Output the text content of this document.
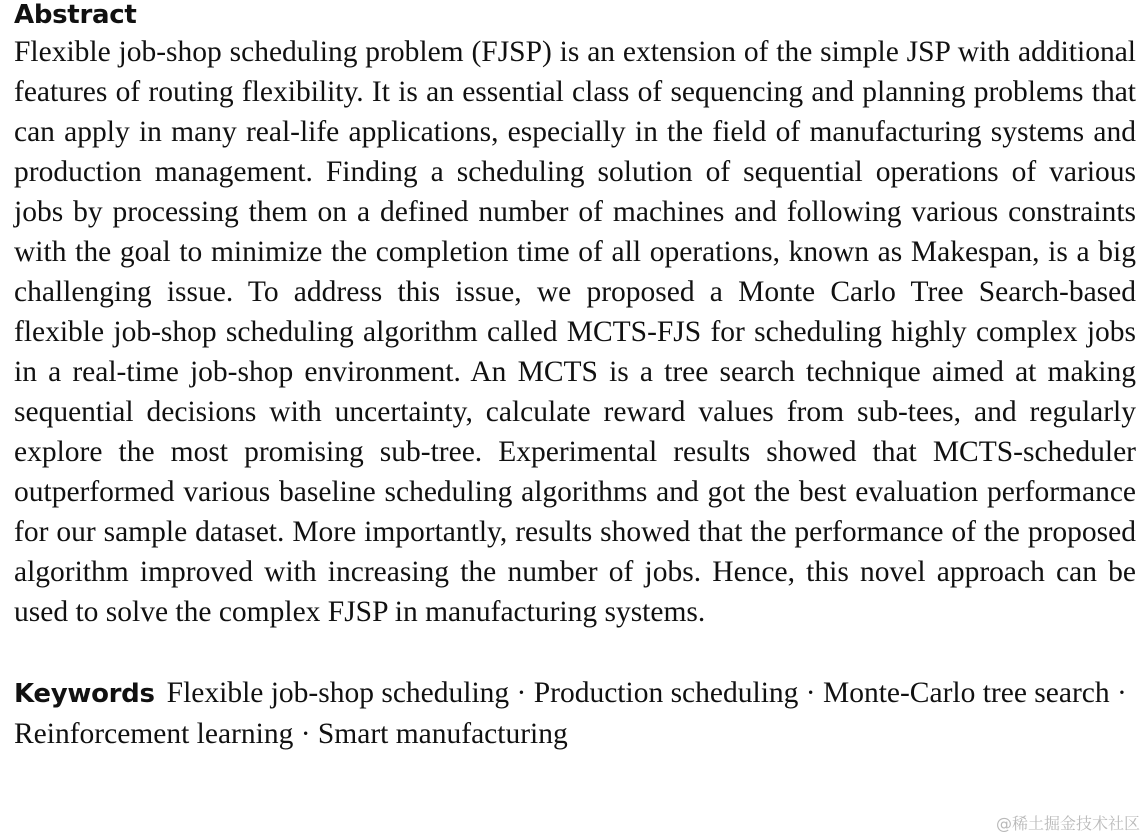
Abstract

Flexible job-shop scheduling problem (FJSP) is an extension of the simple JSP with additional features of routing flexibility. It is an essential class of sequencing and planning problems that can apply in many real-life applications, especially in the field of manufacturing systems and production management. Finding a scheduling solution of sequential operations of various jobs by processing them on a defined number of machines and following various constraints with the goal to minimize the completion time of all operations, known as Makespan, is a big challenging issue. To address this issue, we proposed a Monte Carlo Tree Search-based flexible job-shop scheduling algorithm called MCTS-FJS for scheduling highly complex jobs in a real-time job-shop environment. An MCTS is a tree search technique aimed at making sequential decisions with uncertainty, calculate reward values from sub-tees, and regularly explore the most promising sub-tree. Experimental results showed that MCTS-scheduler outperformed various baseline scheduling algorithms and got the best evaluation performance for our sample dataset. More importantly, results showed that the performance of the proposed algorithm improved with increasing the number of jobs. Hence, this novel approach can be used to solve the complex FJSP in manufacturing systems.

Keywords Flexible job-shop scheduling · Production scheduling · Monte-Carlo tree search · Reinforcement learning · Smart manufacturing
@稀土掘金技术社区
